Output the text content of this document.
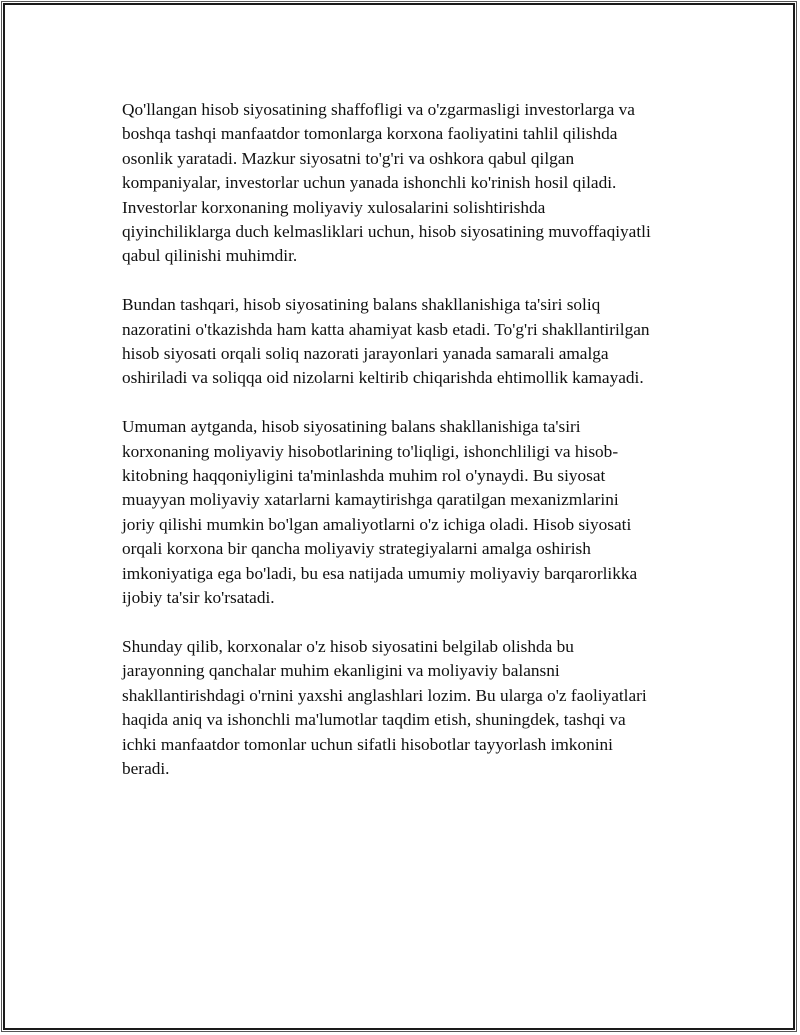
Qo'llangan hisob siyosatining shaffofligi va o'zgarmasligi investorlarga va
boshqa tashqi manfaatdor tomonlarga korxona faoliyatini tahlil qilishda
osonlik yaratadi. Mazkur siyosatni to'g'ri va oshkora qabul qilgan
kompaniyalar, investorlar uchun yanada ishonchli ko'rinish hosil qiladi.
Investorlar korxonaning moliyaviy xulosalarini solishtirishda
qiyinchiliklarga duch kelmasliklari uchun, hisob siyosatining muvoffaqiyatli
qabul qilinishi muhimdir.

Bundan tashqari, hisob siyosatining balans shakllanishiga ta'siri soliq
nazoratini o'tkazishda ham katta ahamiyat kasb etadi. To'g'ri shakllantirilgan
hisob siyosati orqali soliq nazorati jarayonlari yanada samarali amalga
oshiriladi va soliqqa oid nizolarni keltirib chiqarishda ehtimollik kamayadi.

Umuman aytganda, hisob siyosatining balans shakllanishiga ta'siri
korxonaning moliyaviy hisobotlarining to'liqligi, ishonchliligi va hisob-
kitobning haqqoniyligini ta'minlashda muhim rol o'ynaydi. Bu siyosat
muayyan moliyaviy xatarlarni kamaytirishga qaratilgan mexanizmlarini
joriy qilishi mumkin bo'lgan amaliyotlarni o'z ichiga oladi. Hisob siyosati
orqali korxona bir qancha moliyaviy strategiyalarni amalga oshirish
imkoniyatiga ega bo'ladi, bu esa natijada umumiy moliyaviy barqarorlikka
ijobiy ta'sir ko'rsatadi.

Shunday qilib, korxonalar o'z hisob siyosatini belgilab olishda bu
jarayonning qanchalar muhim ekanligini va moliyaviy balansni
shakllantirishdagi o'rnini yaxshi anglashlari lozim. Bu ularga o'z faoliyatlari
haqida aniq va ishonchli ma'lumotlar taqdim etish, shuningdek, tashqi va
ichki manfaatdor tomonlar uchun sifatli hisobotlar tayyorlash imkonini
beradi.
